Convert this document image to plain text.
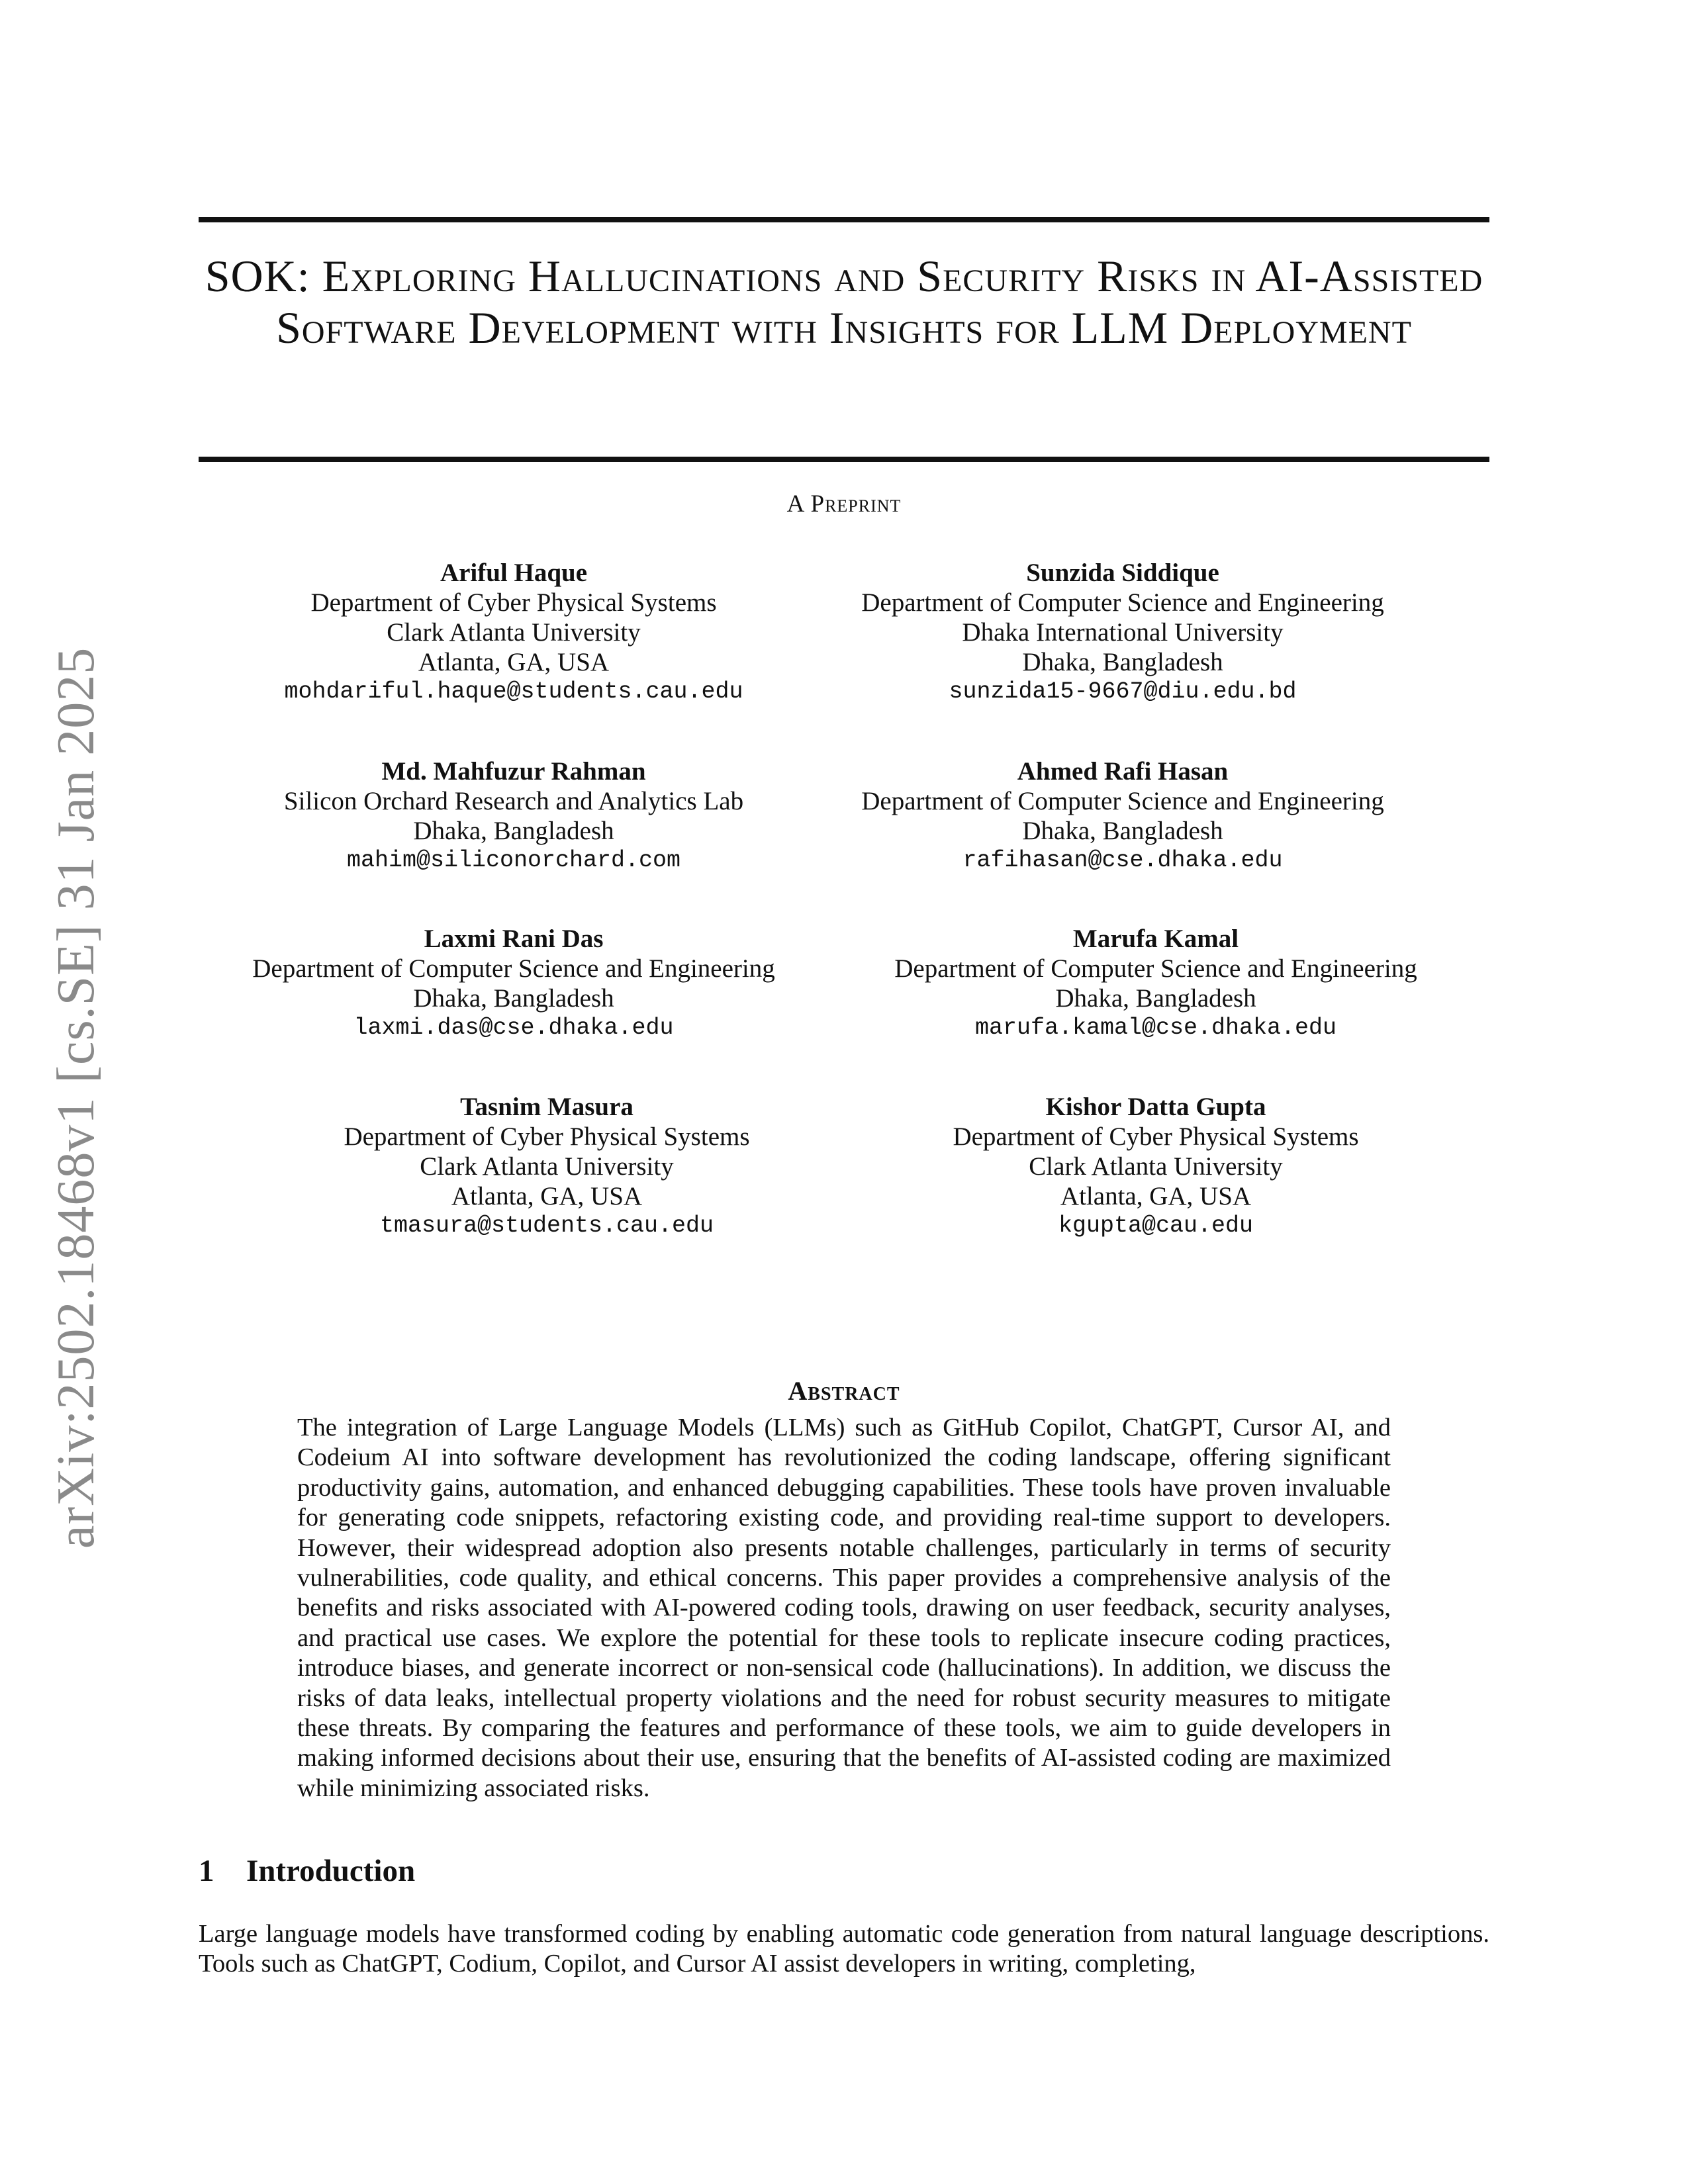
arXiv:2502.18468v1 [cs.SE] 31 Jan 2025
SOK: Exploring Hallucinations and Security Risks in AI-Assisted Software Development with Insights for LLM Deployment
A Preprint
Ariful Haque
Department of Cyber Physical Systems
Clark Atlanta University
Atlanta, GA, USA
mohdariful.haque@students.cau.edu
Sunzida Siddique
Department of Computer Science and Engineering
Dhaka International University
Dhaka, Bangladesh
sunzida15-9667@diu.edu.bd
Md. Mahfuzur Rahman
Silicon Orchard Research and Analytics Lab
Dhaka, Bangladesh
mahim@siliconorchard.com
Ahmed Rafi Hasan
Department of Computer Science and Engineering
Dhaka, Bangladesh
rafihasan@cse.dhaka.edu
Laxmi Rani Das
Department of Computer Science and Engineering
Dhaka, Bangladesh
laxmi.das@cse.dhaka.edu
Marufa Kamal
Department of Computer Science and Engineering
Dhaka, Bangladesh
marufa.kamal@cse.dhaka.edu
Tasnim Masura
Department of Cyber Physical Systems
Clark Atlanta University
Atlanta, GA, USA
tmasura@students.cau.edu
Kishor Datta Gupta
Department of Cyber Physical Systems
Clark Atlanta University
Atlanta, GA, USA
kgupta@cau.edu
Abstract

The integration of Large Language Models (LLMs) such as GitHub Copilot, ChatGPT, Cursor AI, and Codeium AI into software development has revolutionized the coding landscape, offering significant productivity gains, automation, and enhanced debugging capabilities. These tools have proven invaluable for generating code snippets, refactoring existing code, and providing real-time support to developers. However, their widespread adoption also presents notable challenges, particularly in terms of security vulnerabilities, code quality, and ethical concerns. This paper provides a comprehensive analysis of the benefits and risks associated with AI-powered coding tools, drawing on user feedback, security analyses, and practical use cases. We explore the potential for these tools to replicate insecure coding practices, introduce biases, and generate incorrect or non-sensical code (hallucinations). In addition, we discuss the risks of data leaks, intellectual property violations and the need for robust security measures to mitigate these threats. By comparing the features and performance of these tools, we aim to guide developers in making informed decisions about their use, ensuring that the benefits of AI-assisted coding are maximized while minimizing associated risks.

1 Introduction

Large language models have transformed coding by enabling automatic code generation from natural language descriptions. Tools such as ChatGPT, Codium, Copilot, and Cursor AI assist developers in writing, completing,
